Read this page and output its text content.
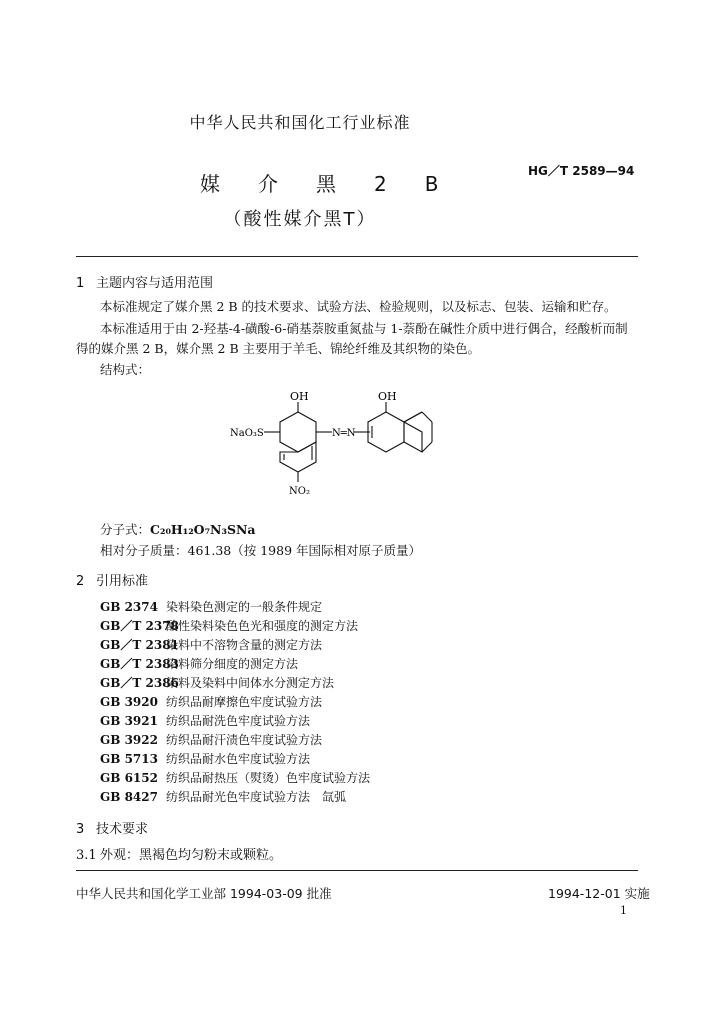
中华人民共和国化工行业标准
HG／T 2589—94
媒介黑2B
（酸性媒介黑T）
1 主题内容与适用范围
本标准规定了媒介黑 2 B 的技术要求、试验方法、检验规则，以及标志、包装、运输和贮存。
本标准适用于由 2-羟基-4-磺酸-6-硝基萘胺重氮盐与 1-萘酚在碱性介质中进行偶合，经酸析而制
得的媒介黑 2 B，媒介黑 2 B 主要用于羊毛、锦纶纤维及其织物的染色。
结构式：
OH	OH
NaO₃S	N═N
NO₂
分子式：C₂₀H₁₂O₇N₃SNa
相对分子质量：461.38（按 1989 年国际相对原子质量）
2 引用标准
GB 2374 染料染色测定的一般条件规定
GB／T 2378酸性染料染色色光和强度的测定方法
GB／T 2381染料中不溶物含量的测定方法
GB／T 2383染料筛分细度的测定方法
GB／T 2386染料及染料中间体水分测定方法
GB 3920 纺织品耐摩擦色牢度试验方法
GB 3921 纺织品耐洗色牢度试验方法
GB 3922 纺织品耐汗渍色牢度试验方法
GB 5713 纺织品耐水色牢度试验方法
GB 6152 纺织品耐热压（熨烫）色牢度试验方法
GB 8427 纺织品耐光色牢度试验方法　氙弧
3 技术要求
3.1 外观：黑褐色均匀粉末或颗粒。
中华人民共和国化学工业部 1994-03-09 批准	1994-12-01 实施
1
